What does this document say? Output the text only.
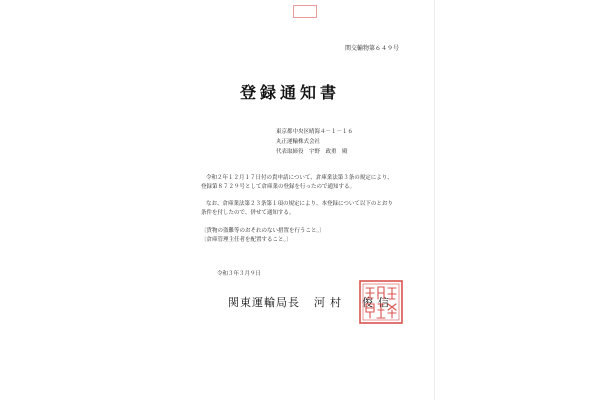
関交輸物第６４９号
登録通知書
東京都中央区晴海４－１－１６
丸正運輸株式会社
代表取締役　宇野　政重　殿
令和２年１２月１７日付の貴申請について、倉庫業法第３条の規定により、
登録第８７２９号として倉庫業の登録を行ったので通知する。
なお、倉庫業法第２３条第１項の規定により、本登録について以下のとおり
条件を付したので、併せて通知する。
〔貨物の盗難等のおそれのない措置を行うこと。〕
〔倉庫管理主任者を配置すること。〕
令和３年３月９日
関東運輸局長 河村　俊信
